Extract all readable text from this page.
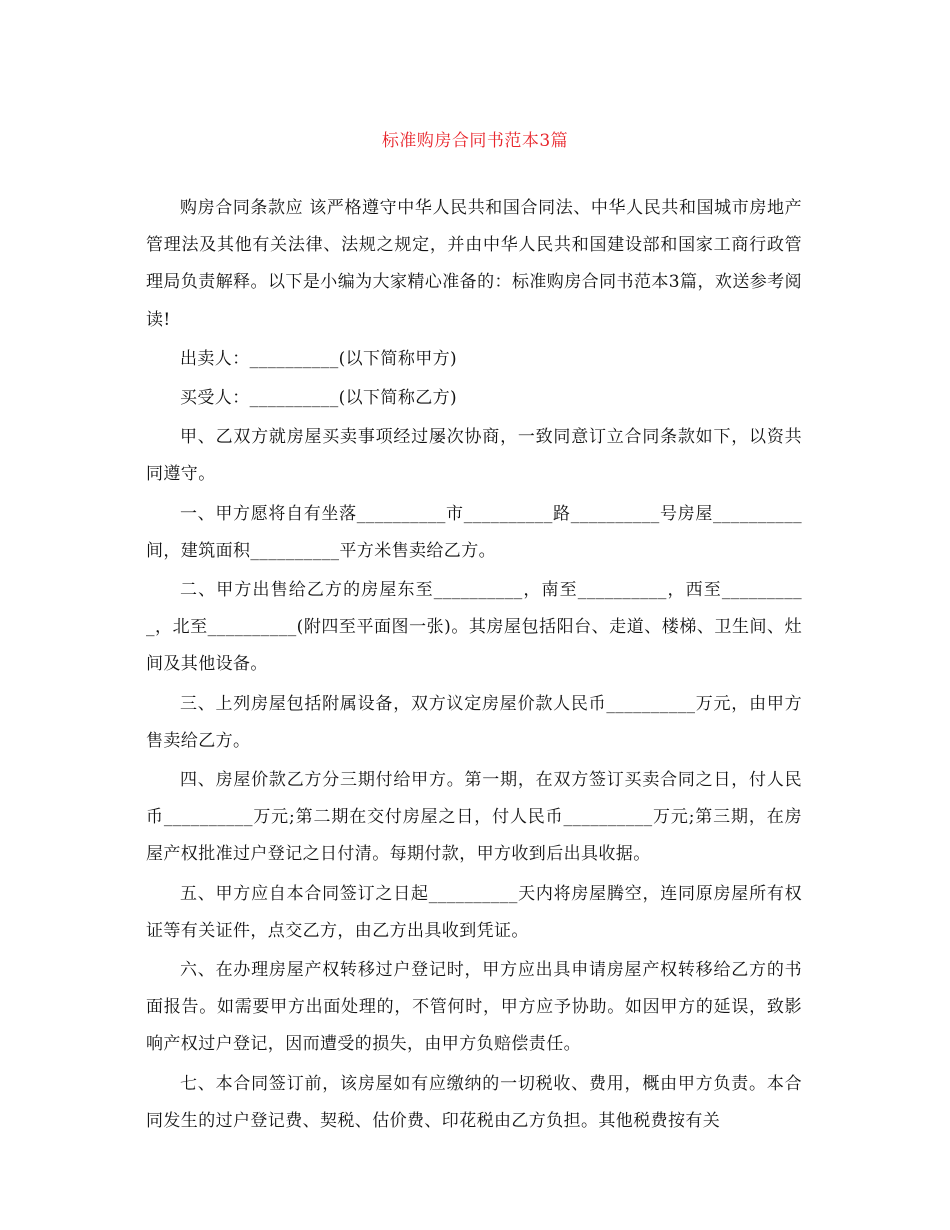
标准购房合同书范本3篇

购房合同条款应 该严格遵守中华人民共和国合同法、中华人民共和国城市房地产管理法及其他有关法律、法规之规定，并由中华人民共和国建设部和国家工商行政管理局负责解释。以下是小编为大家精心准备的：标准购房合同书范本3篇，欢送参考阅读!

出卖人：__________(以下简称甲方)

买受人：__________(以下简称乙方)

甲、乙双方就房屋买卖事项经过屡次协商，一致同意订立合同条款如下，以资共同遵守。

一、甲方愿将自有坐落__________市__________路__________号房屋__________间，建筑面积__________平方米售卖给乙方。

二、甲方出售给乙方的房屋东至__________，南至__________，西至__________，北至__________(附四至平面图一张)。其房屋包括阳台、走道、楼梯、卫生间、灶间及其他设备。

三、上列房屋包括附属设备，双方议定房屋价款人民币__________万元，由甲方售卖给乙方。

四、房屋价款乙方分三期付给甲方。第一期，在双方签订买卖合同之日，付人民币__________万元;第二期在交付房屋之日，付人民币__________万元;第三期，在房屋产权批准过户登记之日付清。每期付款，甲方收到后出具收据。

五、甲方应自本合同签订之日起__________天内将房屋腾空，连同原房屋所有权证等有关证件，点交乙方，由乙方出具收到凭证。

六、在办理房屋产权转移过户登记时，甲方应出具申请房屋产权转移给乙方的书面报告。如需要甲方出面处理的，不管何时，甲方应予协助。如因甲方的延误，致影响产权过户登记，因而遭受的损失，由甲方负赔偿责任。

七、本合同签订前，该房屋如有应缴纳的一切税收、费用，概由甲方负责。本合同发生的过户登记费、契税、估价费、印花税由乙方负担。其他税费按有关
